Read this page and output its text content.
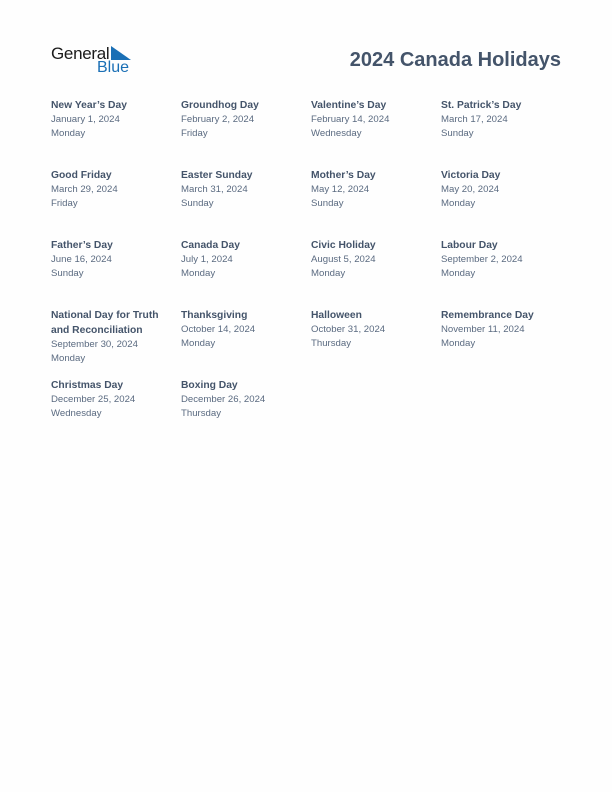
General
Blue	2024 Canada Holidays
New Year’s Day
January 1, 2024
Monday
Groundhog Day
February 2, 2024
Friday
Valentine’s Day
February 14, 2024
Wednesday
St. Patrick’s Day
March 17, 2024
Sunday
Good Friday
March 29, 2024
Friday
Easter Sunday
March 31, 2024
Sunday
Mother’s Day
May 12, 2024
Sunday
Victoria Day
May 20, 2024
Monday
Father’s Day
June 16, 2024
Sunday
Canada Day
July 1, 2024
Monday
Civic Holiday
August 5, 2024
Monday
Labour Day
September 2, 2024
Monday
National Day for Truth and Reconciliation
September 30, 2024
Monday
Thanksgiving
October 14, 2024
Monday
Halloween
October 31, 2024
Thursday
Remembrance Day
November 11, 2024
Monday
Christmas Day
December 25, 2024
Wednesday
Boxing Day
December 26, 2024
Thursday
